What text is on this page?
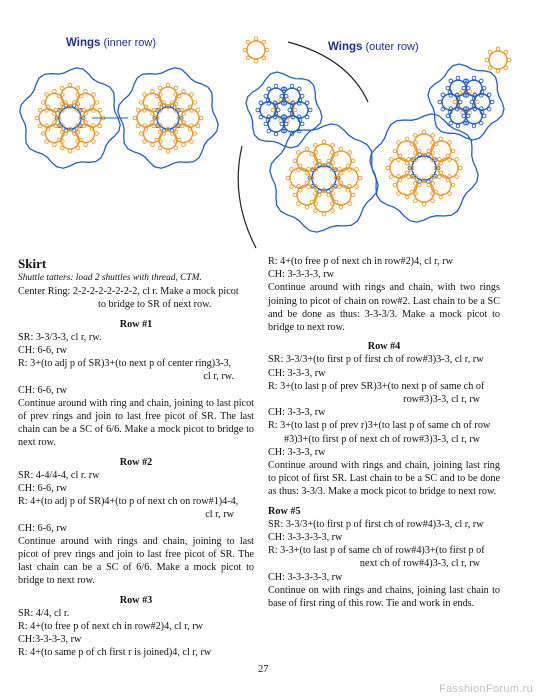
Wings (inner row)	Wings (outer row)

Skirt

Shuttle tatters: load 2 shuttles with thread, CTM.

Center Ring: 2-2-2-2-2-2-2-2, cl r. Make a mock picot

to bridge to SR of next row.

Row #1

SR: 3-3/3-3, cl r, rw.

CH: 6-6, rw

R: 3+(to adj p of SR)3+(to next p of center ring)3-3,

cl r, rw.

CH: 6-6, rw

Continue around with ring and chain, joining to last picot of prev rings and join to last free picot of SR. The last chain can be a SC of 6/6. Make a mock picot to bridge to next row.

Row #2

SR: 4-4/4-4, cl r. rw

CH: 6-6, rw

R: 4+(to adj p of SR)4+(to p of next ch on row#1)4-4,

cl r, rw

CH: 6-6, rw

Continue around with rings and chain, joining to last picot of prev rings and join to last free picot of SR. The last chain can be a SC of 6/6. Make a mock picot to bridge to next row.

Row #3

SR: 4/4, cl r.

R: 4+(to free p of next ch in row#2)4, cl r, rw

CH:3-3-3-3, rw

R: 4+(to same p of ch first r is joined)4, cl r, rw

R: 4+(to free p of next ch in row#2)4, cl r, rw

CH: 3-3-3-3, rw

Continue around with rings and chain, with two rings joining to picot of chain on row#2. Last chain to be a SC and be done as thus: 3-3-3/3. Make a mock picot to bridge to next row.

Row #4

SR: 3-3/3+(to first p of first ch of row#3)3-3, cl r, rw

CH: 3-3-3, rw

R: 3+(to last p of prev SR)3+(to next p of same ch of

row#3)3-3, cl r, rw

CH: 3-3-3, rw

R: 3+(to last p of prev r)3+(to last p of same ch of row

#3)3+(to first p of next ch of row#3)3-3, cl r, rw

CH: 3-3-3, rw

Continue around with rings and chain, joining last ring to picot of first SR. Last chain to be a SC and to be done as thus: 3-3/3. Make a mock picot to bridge to next row.

Row #5

SR: 3-3/3+(to first p of first ch of row#4)3-3, cl r, rw

CH: 3-3-3-3-3, rw

R: 3-3+(to last p of same ch of row#4)3+(to first p of

next ch of row#4)3-3, cl r, rw

CH: 3-3-3-3-3, rw

Continue on with rings and chains, joining last chain to base of first ring of this row. Tie and work in ends.

27
FasshionForum.ru
